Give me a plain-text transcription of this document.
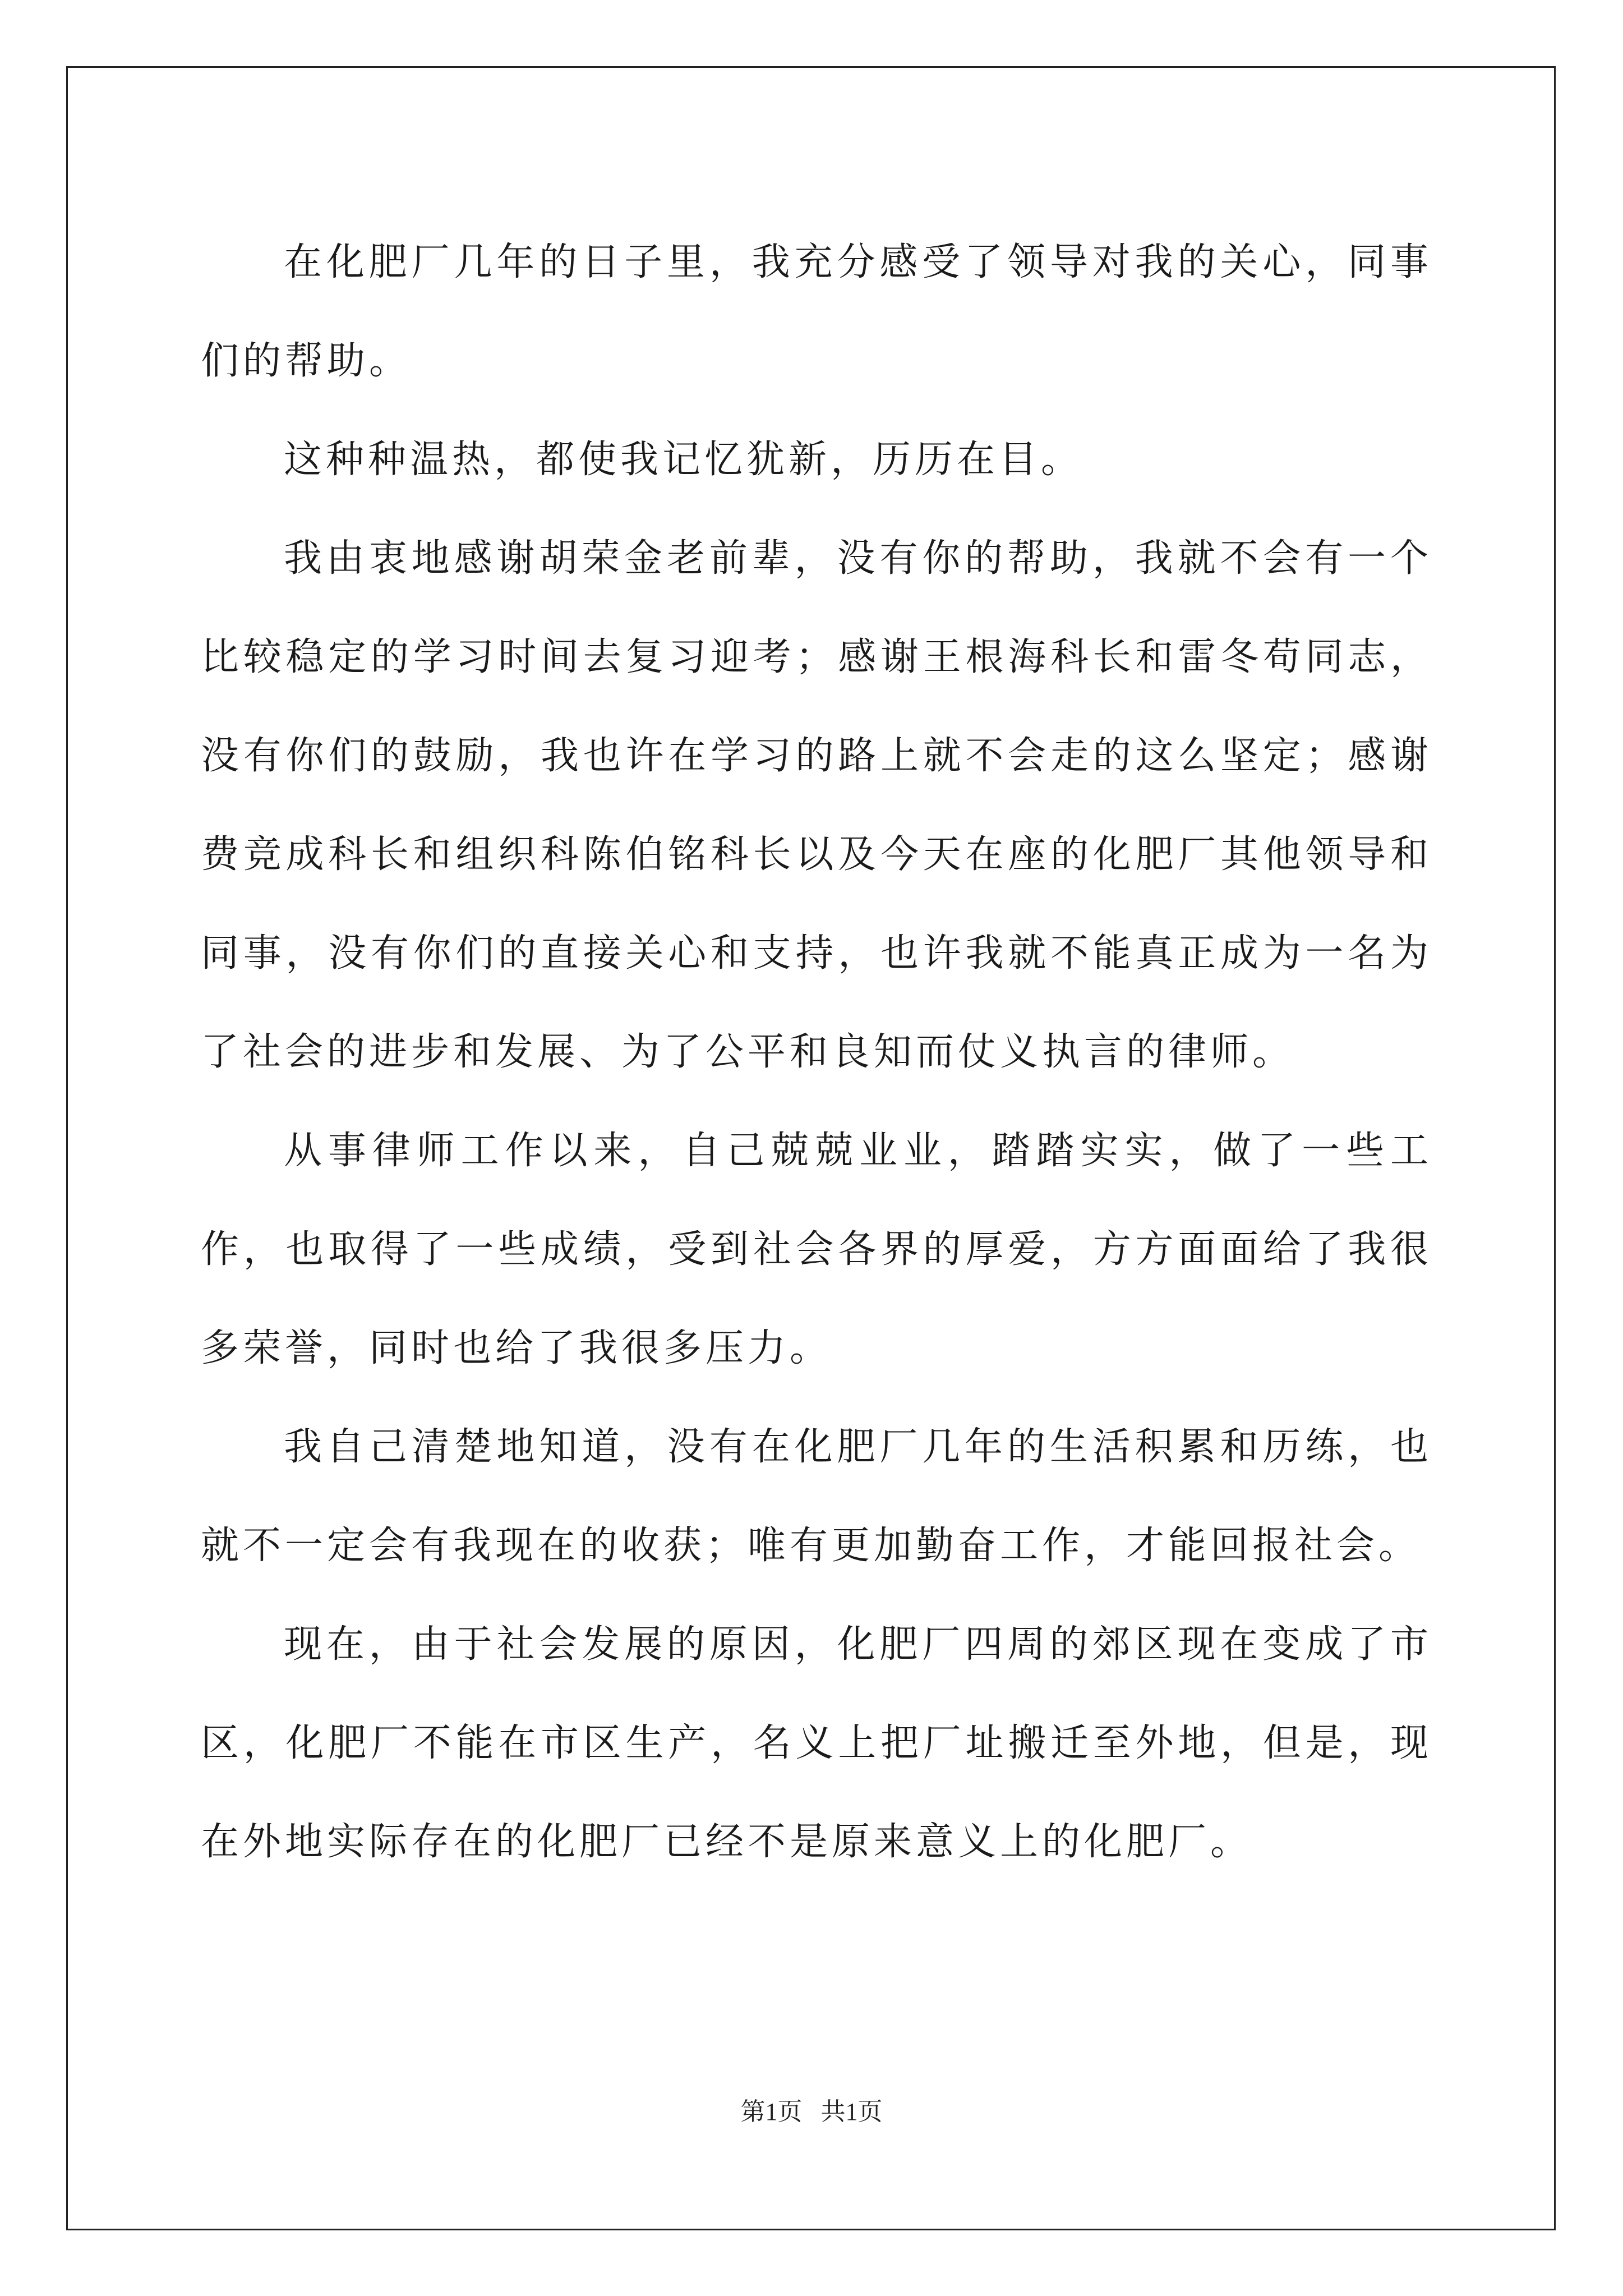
在化肥厂几年的日子里，我充分感受了领导对我的关心，同事们的帮助。

这种种温热，都使我记忆犹新，历历在目。

我由衷地感谢胡荣金老前辈，没有你的帮助，我就不会有一个比较稳定的学习时间去复习迎考；感谢王根海科长和雷冬苟同志，没有你们的鼓励，我也许在学习的路上就不会走的这么坚定；感谢费竞成科长和组织科陈伯铭科长以及今天在座的化肥厂其他领导和同事，没有你们的直接关心和支持，也许我就不能真正成为一名为了社会的进步和发展、为了公平和良知而仗义执言的律师。

从事律师工作以来，自己兢兢业业，踏踏实实，做了一些工作，也取得了一些成绩，受到社会各界的厚爱，方方面面给了我很多荣誉，同时也给了我很多压力。

我自己清楚地知道，没有在化肥厂几年的生活积累和历练，也就不一定会有我现在的收获；唯有更加勤奋工作，才能回报社会。

现在，由于社会发展的原因，化肥厂四周的郊区现在变成了市区，化肥厂不能在市区生产，名义上把厂址搬迁至外地，但是，现在外地实际存在的化肥厂已经不是原来意义上的化肥厂。

第1页   共1页
